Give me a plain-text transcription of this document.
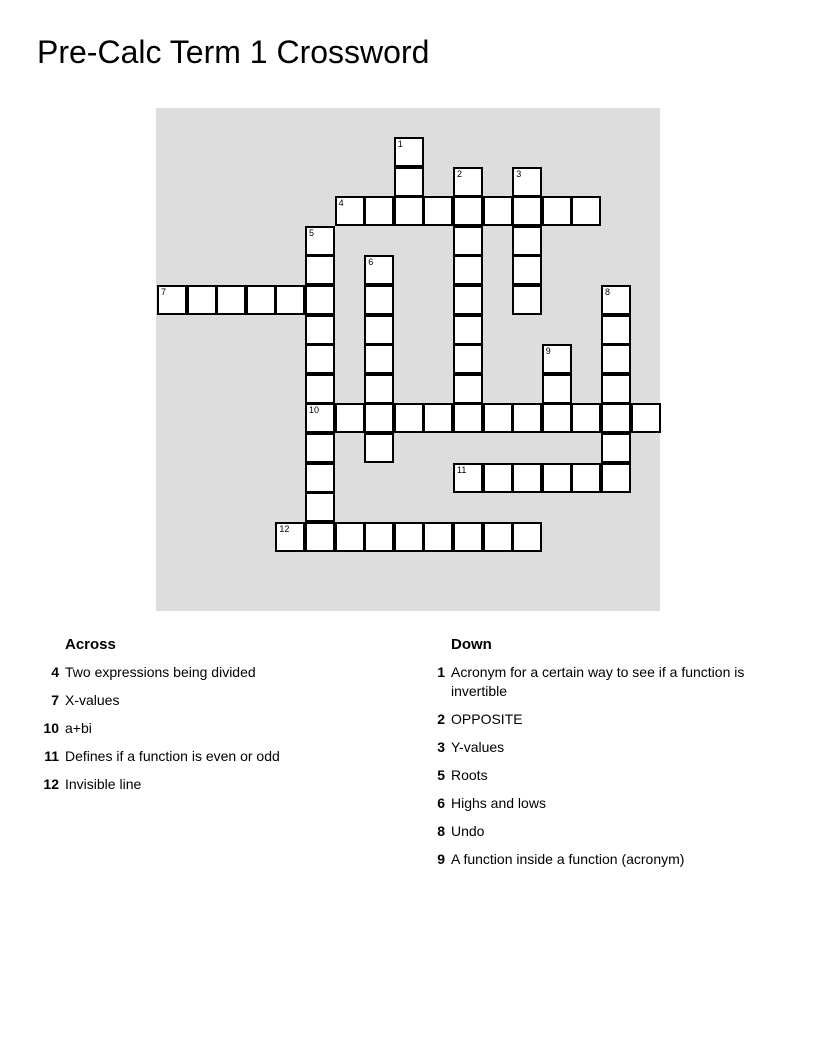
Pre-Calc Term 1 Crossword
1
2	3
4
5
6
7	8
9
10
11
12
Across
4 Two expressions being divided
7 X-values
10 a+bi
11 Defines if a function is even or odd
12 Invisible line
Down
1 Acronym for a certain way to see if a function is invertible
2 OPPOSITE
3 Y-values
5 Roots
6 Highs and lows
8 Undo
9 A function inside a function (acronym)
